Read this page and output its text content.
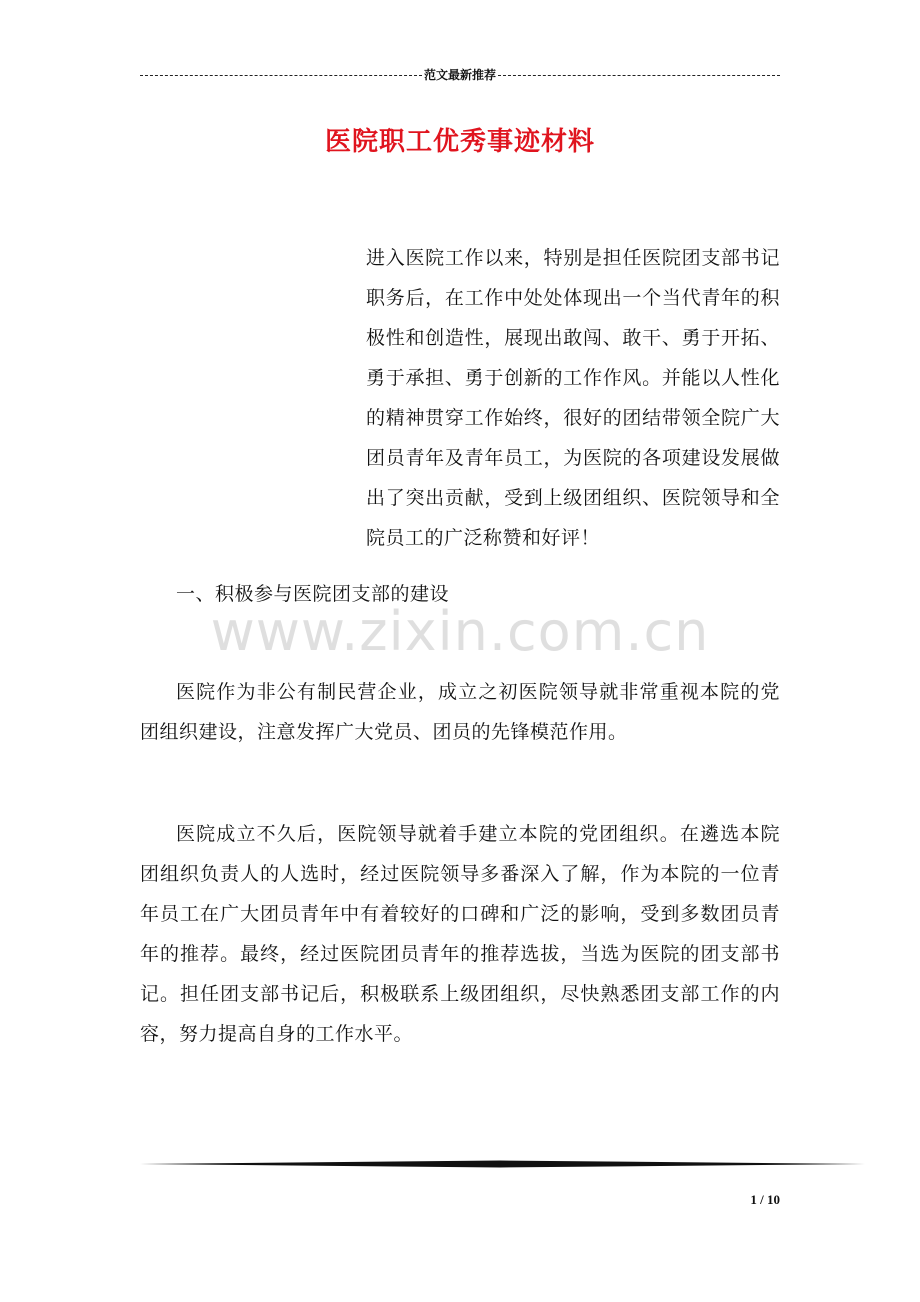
范文最新推荐
医院职工优秀事迹材料
进入医院工作以来，特别是担任医院团支部书记职务后，在工作中处处体现出一个当代青年的积极性和创造性，展现出敢闯、敢干、勇于开拓、勇于承担、勇于创新的工作作风。并能以人性化的精神贯穿工作始终，很好的团结带领全院广大团员青年及青年员工，为医院的各项建设发展做出了突出贡献，受到上级团组织、医院领导和全院员工的广泛称赞和好评！
一、积极参与医院团支部的建设
www.zixin.com.cn
医院作为非公有制民营企业，成立之初医院领导就非常重视本院的党团组织建设，注意发挥广大党员、团员的先锋模范作用。
医院成立不久后，医院领导就着手建立本院的党团组织。在遴选本院团组织负责人的人选时，经过医院领导多番深入了解，作为本院的一位青年员工在广大团员青年中有着较好的口碑和广泛的影响，受到多数团员青年的推荐。最终，经过医院团员青年的推荐选拔，当选为医院的团支部书记。担任团支部书记后，积极联系上级团组织，尽快熟悉团支部工作的内容，努力提高自身的工作水平。
1 / 10
